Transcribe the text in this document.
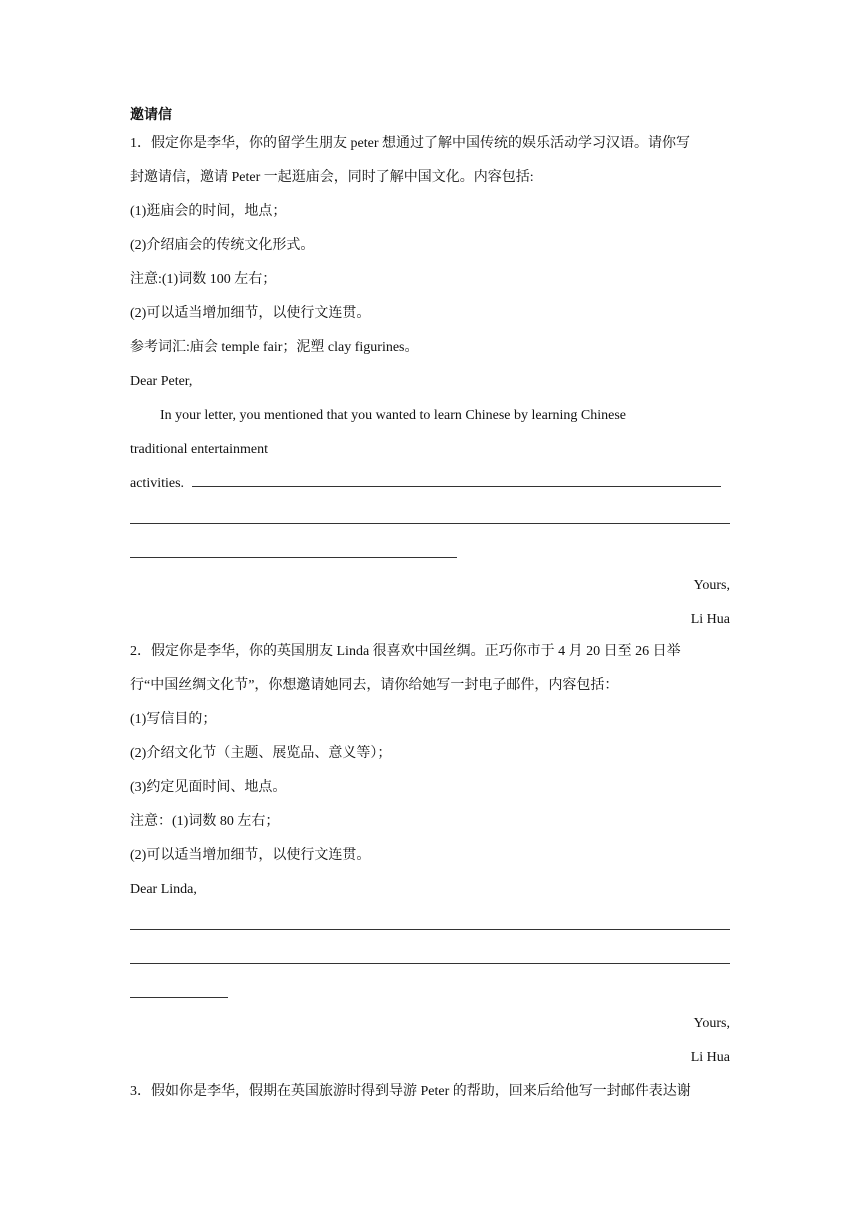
邀请信
1．假定你是李华，你的留学生朋友 peter 想通过了解中国传统的娱乐活动学习汉语。请你写
封邀请信，邀请 Peter 一起逛庙会，同时了解中国文化。内容包括:
(1)逛庙会的时间，地点；
(2)介绍庙会的传统文化形式。
注意:(1)词数 100 左右；
(2)可以适当增加细节，以使行文连贯。
参考词汇:庙会 temple fair；泥塑 clay figurines。
Dear Peter,
In your letter, you mentioned that you wanted to learn Chinese by learning Chinese
traditional entertainment
activities.
Yours,
Li Hua
2．假定你是李华，你的英国朋友 Linda 很喜欢中国丝绸。正巧你市于 4 月 20 日至 26 日举
行“中国丝绸文化节”，你想邀请她同去，请你给她写一封电子邮件，内容包括：
(1)写信目的；
(2)介绍文化节（主题、展览品、意义等）；
(3)约定见面时间、地点。
注意：(1)词数 80 左右；
(2)可以适当增加细节，以使行文连贯。
Dear Linda,
Yours,
Li Hua
3．假如你是李华，假期在英国旅游时得到导游 Peter 的帮助，回来后给他写一封邮件表达谢
